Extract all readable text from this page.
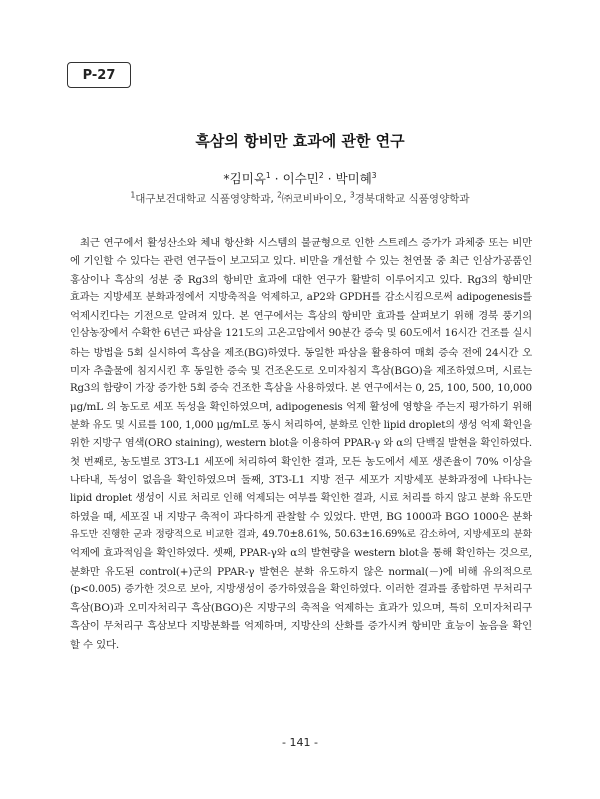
P-27
흑삼의 항비만 효과에 관한 연구
*김미옥$^1$ · 이수민$^2$ · 박미혜$^3$
$^1$대구보건대학교 식품영양학과, $^2$㈜코비바이오, $^3$경북대학교 식품영양학과
최근 연구에서 활성산소와 체내 항산화 시스템의 불균형으로 인한 스트레스 증가가 과체중 또는 비만
에 기인할 수 있다는 관련 연구들이 보고되고 있다. 비만을 개선할 수 있는 천연물 중 최근 인삼가공품인
홍삼이나 흑삼의 성분 중 Rg3의 항비만 효과에 대한 연구가 활발히 이루어지고 있다. Rg3의 항비만
효과는 지방세포 분화과정에서 지방축적을 억제하고, aP2와 GPDH를 감소시킴으로써 adipogenesis를
억제시킨다는 기전으로 알려져 있다. 본 연구에서는 흑삼의 항비만 효과를 살펴보기 위해 경북 풍기의
인삼농장에서 수확한 6년근 파삼을 121도의 고온고압에서 90분간 증숙 및 60도에서 16시간 건조를 실시
하는 방법을 5회 실시하여 흑삼을 제조(BG)하였다. 동일한 파삼을 활용하여 매회 증숙 전에 24시간 오
미자 추출물에 침지시킨 후 동일한 증숙 및 건조온도로 오미자침지 흑삼(BGO)을 제조하였으며, 시료는
Rg3의 함량이 가장 증가한 5회 증숙 건조한 흑삼을 사용하였다. 본 연구에서는 0, 25, 100, 500, 10,000
μg/mL 의 농도로 세포 독성을 확인하였으며, adipogenesis 억제 활성에 영향을 주는지 평가하기 위해
분화 유도 및 시료를 100, 1,000 μg/mL로 동시 처리하여, 분화로 인한 lipid droplet의 생성 억제 확인을
위한 지방구 염색(ORO staining), western blot을 이용하여 PPAR-γ 와 α의 단백질 발현을 확인하였다.
첫 번째로, 농도별로 3T3-L1 세포에 처리하여 확인한 결과, 모든 농도에서 세포 생존율이 70% 이상을
나타내, 독성이 없음을 확인하였으며 둘째, 3T3-L1 지방 전구 세포가 지방세포 분화과정에 나타나는
lipid droplet 생성이 시료 처리로 인해 억제되는 여부를 확인한 결과, 시료 처리를 하지 않고 분화 유도만
하였을 때, 세포질 내 지방구 축적이 과다하게 관찰할 수 있었다. 반면, BG 1000과 BGO 1000은 분화
유도만 진행한 군과 정량적으로 비교한 결과, 49.70±8.61%, 50.63±16.69%로 감소하여, 지방세포의 분화
억제에 효과적임을 확인하였다. 셋째, PPAR-γ와 α의 발현량을 western blot을 통해 확인하는 것으로,
분화만 유도된 control(+)군의 PPAR-γ 발현은 분화 유도하지 않은 normal(－)에 비해 유의적으로
(p<0.005) 증가한 것으로 보아, 지방생성이 증가하였음을 확인하였다. 이러한 결과를 종합하면 무처리구
흑삼(BO)과 오미자처리구 흑삼(BGO)은 지방구의 축적을 억제하는 효과가 있으며, 특히 오미자처리구
흑삼이 무처리구 흑삼보다 지방분화를 억제하며, 지방산의 산화를 증가시켜 항비만 효능이 높음을 확인
할 수 있다.
- 141 -
